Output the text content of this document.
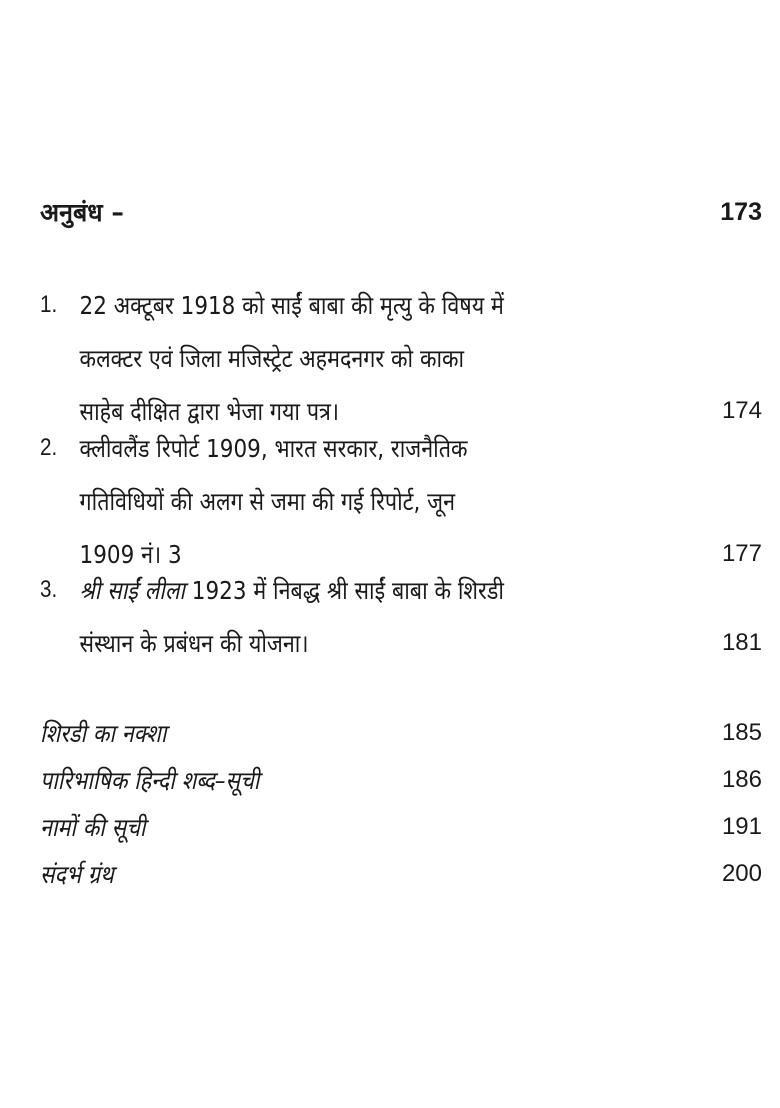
अनुबंध –	173
1. 22 अक्टूबर 1918 को साईं बाबा की मृत्यु के विषय में
कलक्टर एवं जिला मजिस्ट्रेट अहमदनगर को काका
साहेब दीक्षित द्वारा भेजा गया पत्र।	174
2. क्लीवलैंड रिपोर्ट 1909, भारत सरकार, राजनैतिक
गतिविधियों की अलग से जमा की गई रिपोर्ट, जून
1909 नं। 3	177
3. श्री साईं लीला 1923 में निबद्ध श्री साईं बाबा के शिरडी
संस्थान के प्रबंधन की योजना।	181
शिरडी का नक्शा	185
पारिभाषिक हिन्दी शब्द–सूची	186
नामों की सूची	191
संदर्भ ग्रंथ	200
